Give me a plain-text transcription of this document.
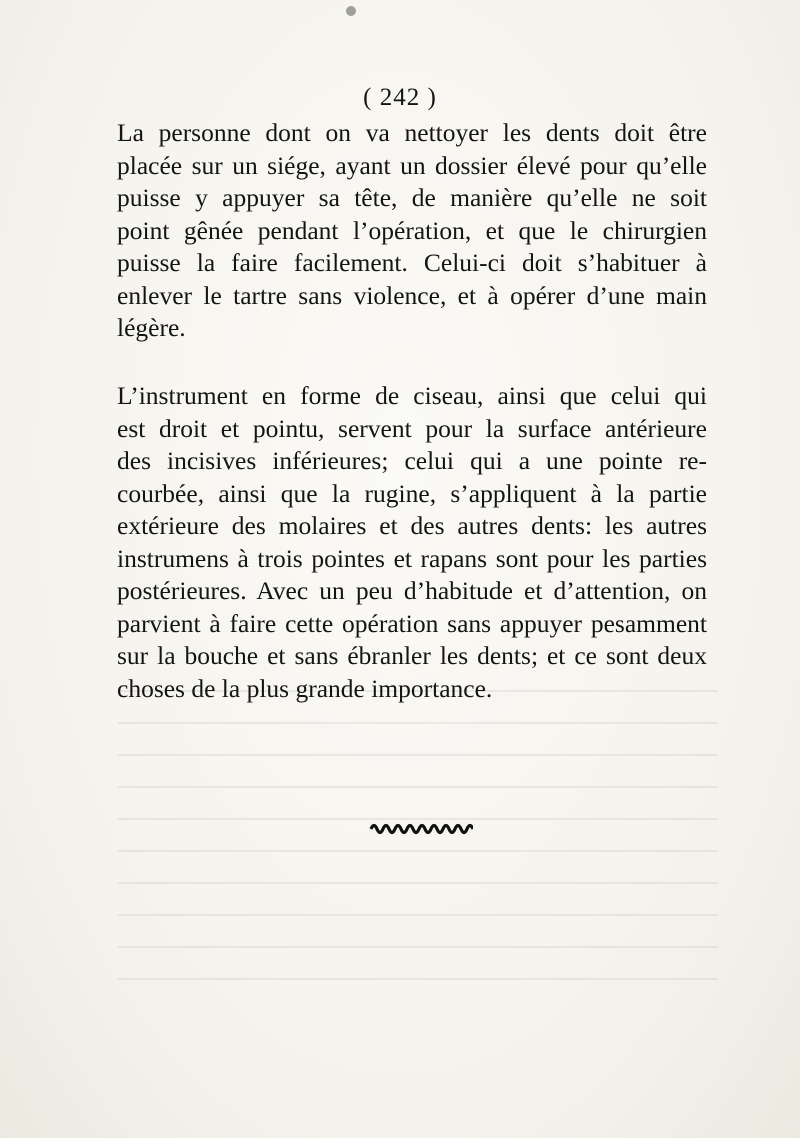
( 242 )
La personne dont on va nettoyer les dents doit être
placée sur un siége, ayant un dossier élevé pour qu’elle
puisse y appuyer sa tête, de manière qu’elle ne soit
point gênée pendant l’opération, et que le chirurgien
puisse la faire facilement. Celui-ci doit s’habituer à
enlever le tartre sans violence, et à opérer d’une main
légère.
L’instrument en forme de ciseau, ainsi que celui qui
est droit et pointu, servent pour la surface antérieure
des incisives inférieures; celui qui a une pointe re-
courbée, ainsi que la rugine, s’appliquent à la partie
extérieure des molaires et des autres dents: les autres
instrumens à trois pointes et rapans sont pour les parties
postérieures. Avec un peu d’habitude et d’attention, on
parvient à faire cette opération sans appuyer pesamment
sur la bouche et sans ébranler les dents; et ce sont deux
choses de la plus grande importance.
